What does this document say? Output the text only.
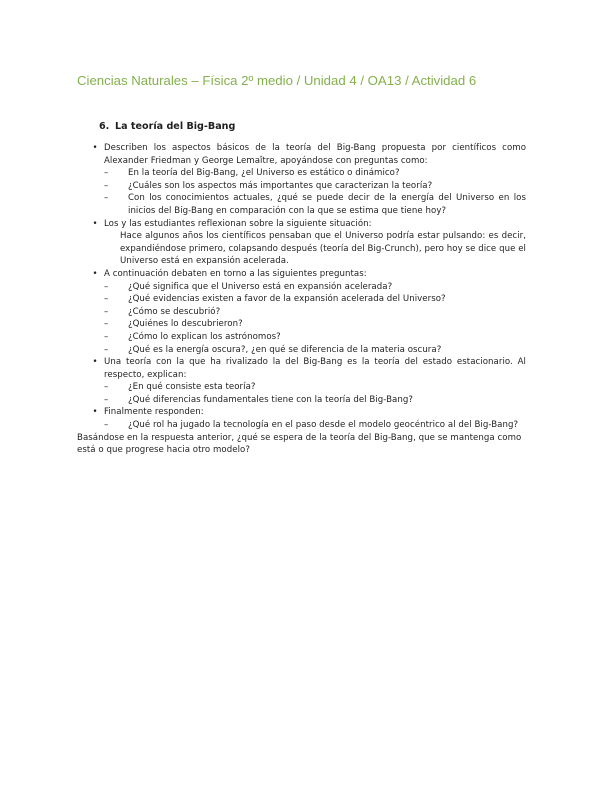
Ciencias Naturales – Física 2º medio / Unidad 4 / OA13 / Actividad 6
6. La teoría del Big-Bang
• Describen los aspectos básicos de la teoría del Big-Bang propuesta por científicos como Alexander Friedman y George Lemaître, apoyándose con preguntas como:
– En la teoría del Big-Bang, ¿el Universo es estático o dinámico?
– ¿Cuáles son los aspectos más importantes que caracterizan la teoría?
– Con los conocimientos actuales, ¿qué se puede decir de la energía del Universo en los inicios del Big-Bang en comparación con la que se estima que tiene hoy?
• Los y las estudiantes reflexionan sobre la siguiente situación:
Hace algunos años los científicos pensaban que el Universo podría estar pulsando: es decir, expandiéndose primero, colapsando después (teoría del Big-Crunch), pero hoy se dice que el Universo está en expansión acelerada.
• A continuación debaten en torno a las siguientes preguntas:
– ¿Qué significa que el Universo está en expansión acelerada?
– ¿Qué evidencias existen a favor de la expansión acelerada del Universo?
– ¿Cómo se descubrió?
– ¿Quiénes lo descubrieron?
– ¿Cómo lo explican los astrónomos?
– ¿Qué es la energía oscura?, ¿en qué se diferencia de la materia oscura?
• Una teoría con la que ha rivalizado la del Big-Bang es la teoría del estado estacionario. Al respecto, explican:
– ¿En qué consiste esta teoría?
– ¿Qué diferencias fundamentales tiene con la teoría del Big-Bang?
• Finalmente responden:
– ¿Qué rol ha jugado la tecnología en el paso desde el modelo geocéntrico al del Big-Bang?
Basándose en la respuesta anterior, ¿qué se espera de la teoría del Big-Bang, que se mantenga como está o que progrese hacia otro modelo?
